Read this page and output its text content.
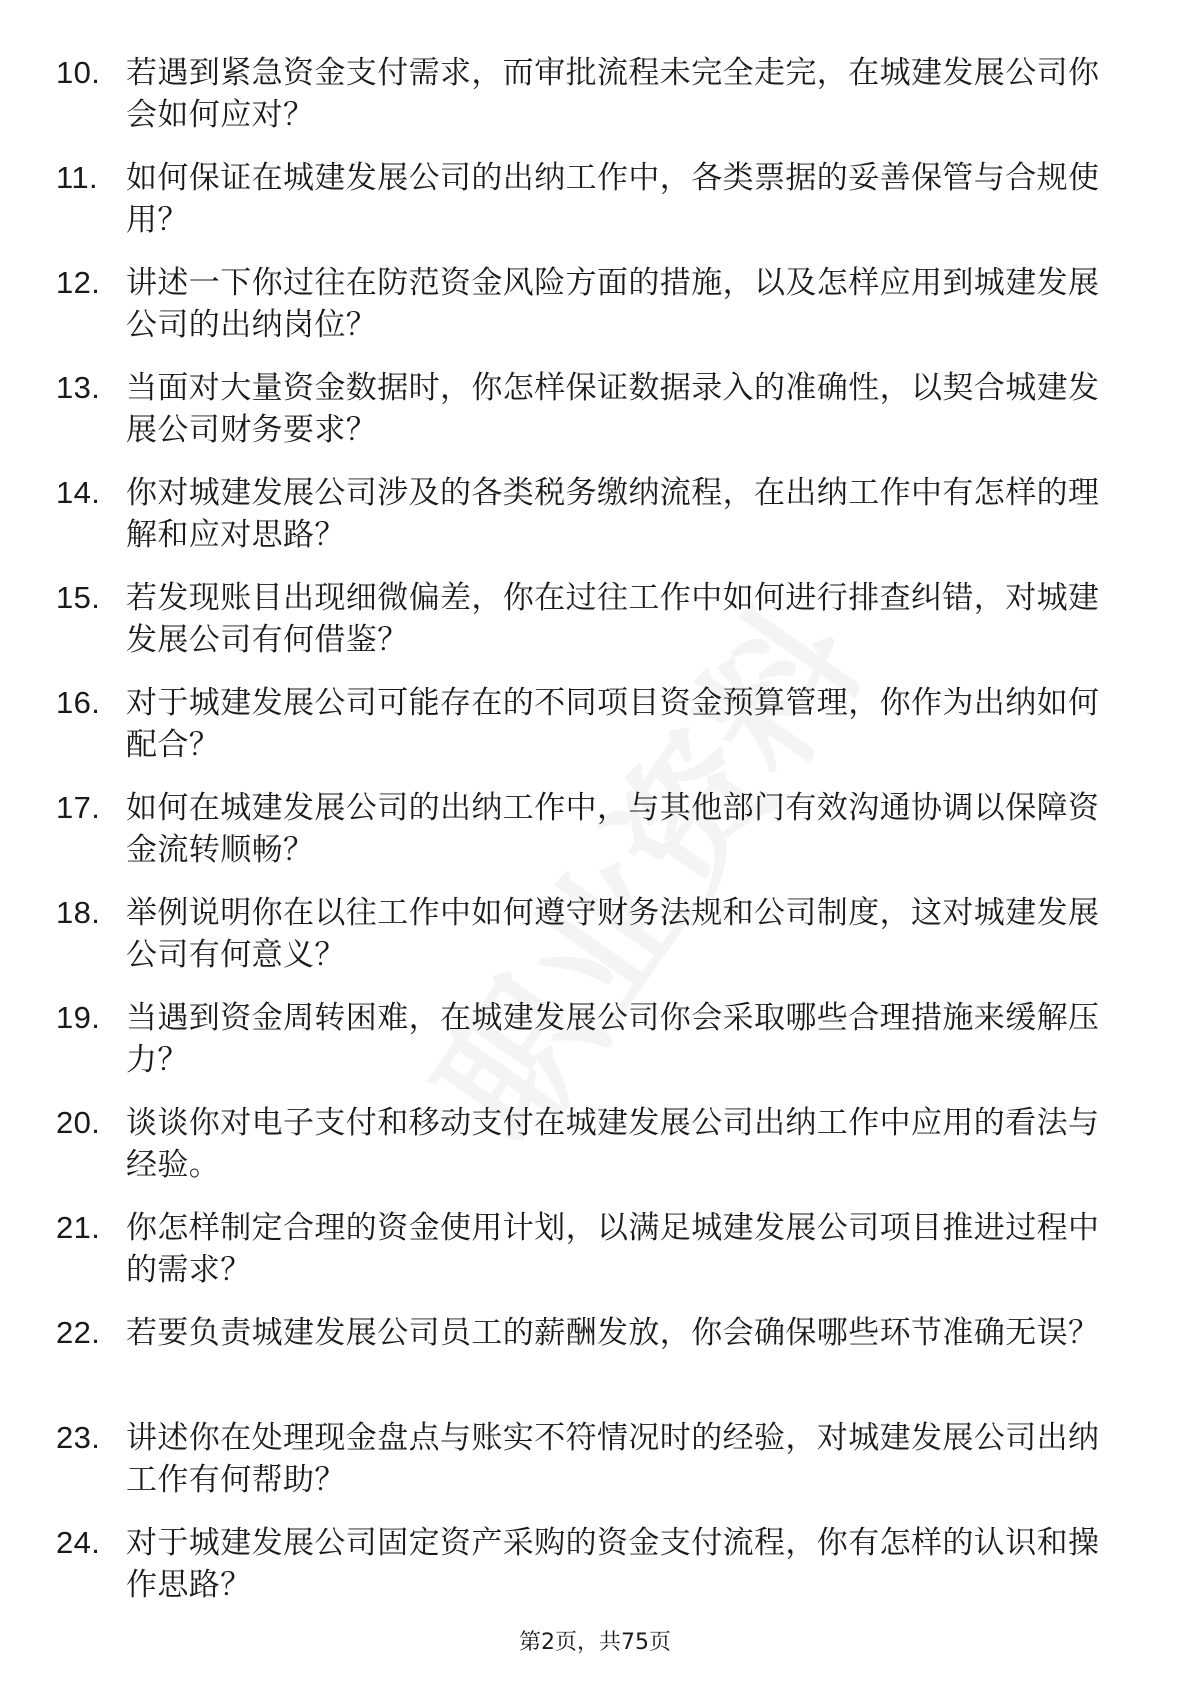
10. 若遇到紧急资金支付需求，而审批流程未完全走完，在城建发展公司你会如何应对？
11. 如何保证在城建发展公司的出纳工作中，各类票据的妥善保管与合规使用？
12. 讲述一下你过往在防范资金风险方面的措施，以及怎样应用到城建发展公司的出纳岗位？
13. 当面对大量资金数据时，你怎样保证数据录入的准确性，以契合城建发展公司财务要求？
14. 你对城建发展公司涉及的各类税务缴纳流程，在出纳工作中有怎样的理解和应对思路？
15. 若发现账目出现细微偏差，你在过往工作中如何进行排查纠错，对城建发展公司有何借鉴？
16. 对于城建发展公司可能存在的不同项目资金预算管理，你作为出纳如何配合？
17. 如何在城建发展公司的出纳工作中，与其他部门有效沟通协调以保障资金流转顺畅？
18. 举例说明你在以往工作中如何遵守财务法规和公司制度，这对城建发展公司有何意义？
19. 当遇到资金周转困难，在城建发展公司你会采取哪些合理措施来缓解压力？
20. 谈谈你对电子支付和移动支付在城建发展公司出纳工作中应用的看法与经验。
21. 你怎样制定合理的资金使用计划，以满足城建发展公司项目推进过程中的需求？
22. 若要负责城建发展公司员工的薪酬发放，你会确保哪些环节准确无误？
23. 讲述你在处理现金盘点与账实不符情况时的经验，对城建发展公司出纳工作有何帮助？
24. 对于城建发展公司固定资产采购的资金支付流程，你有怎样的认识和操作思路？
第2页，共75页
